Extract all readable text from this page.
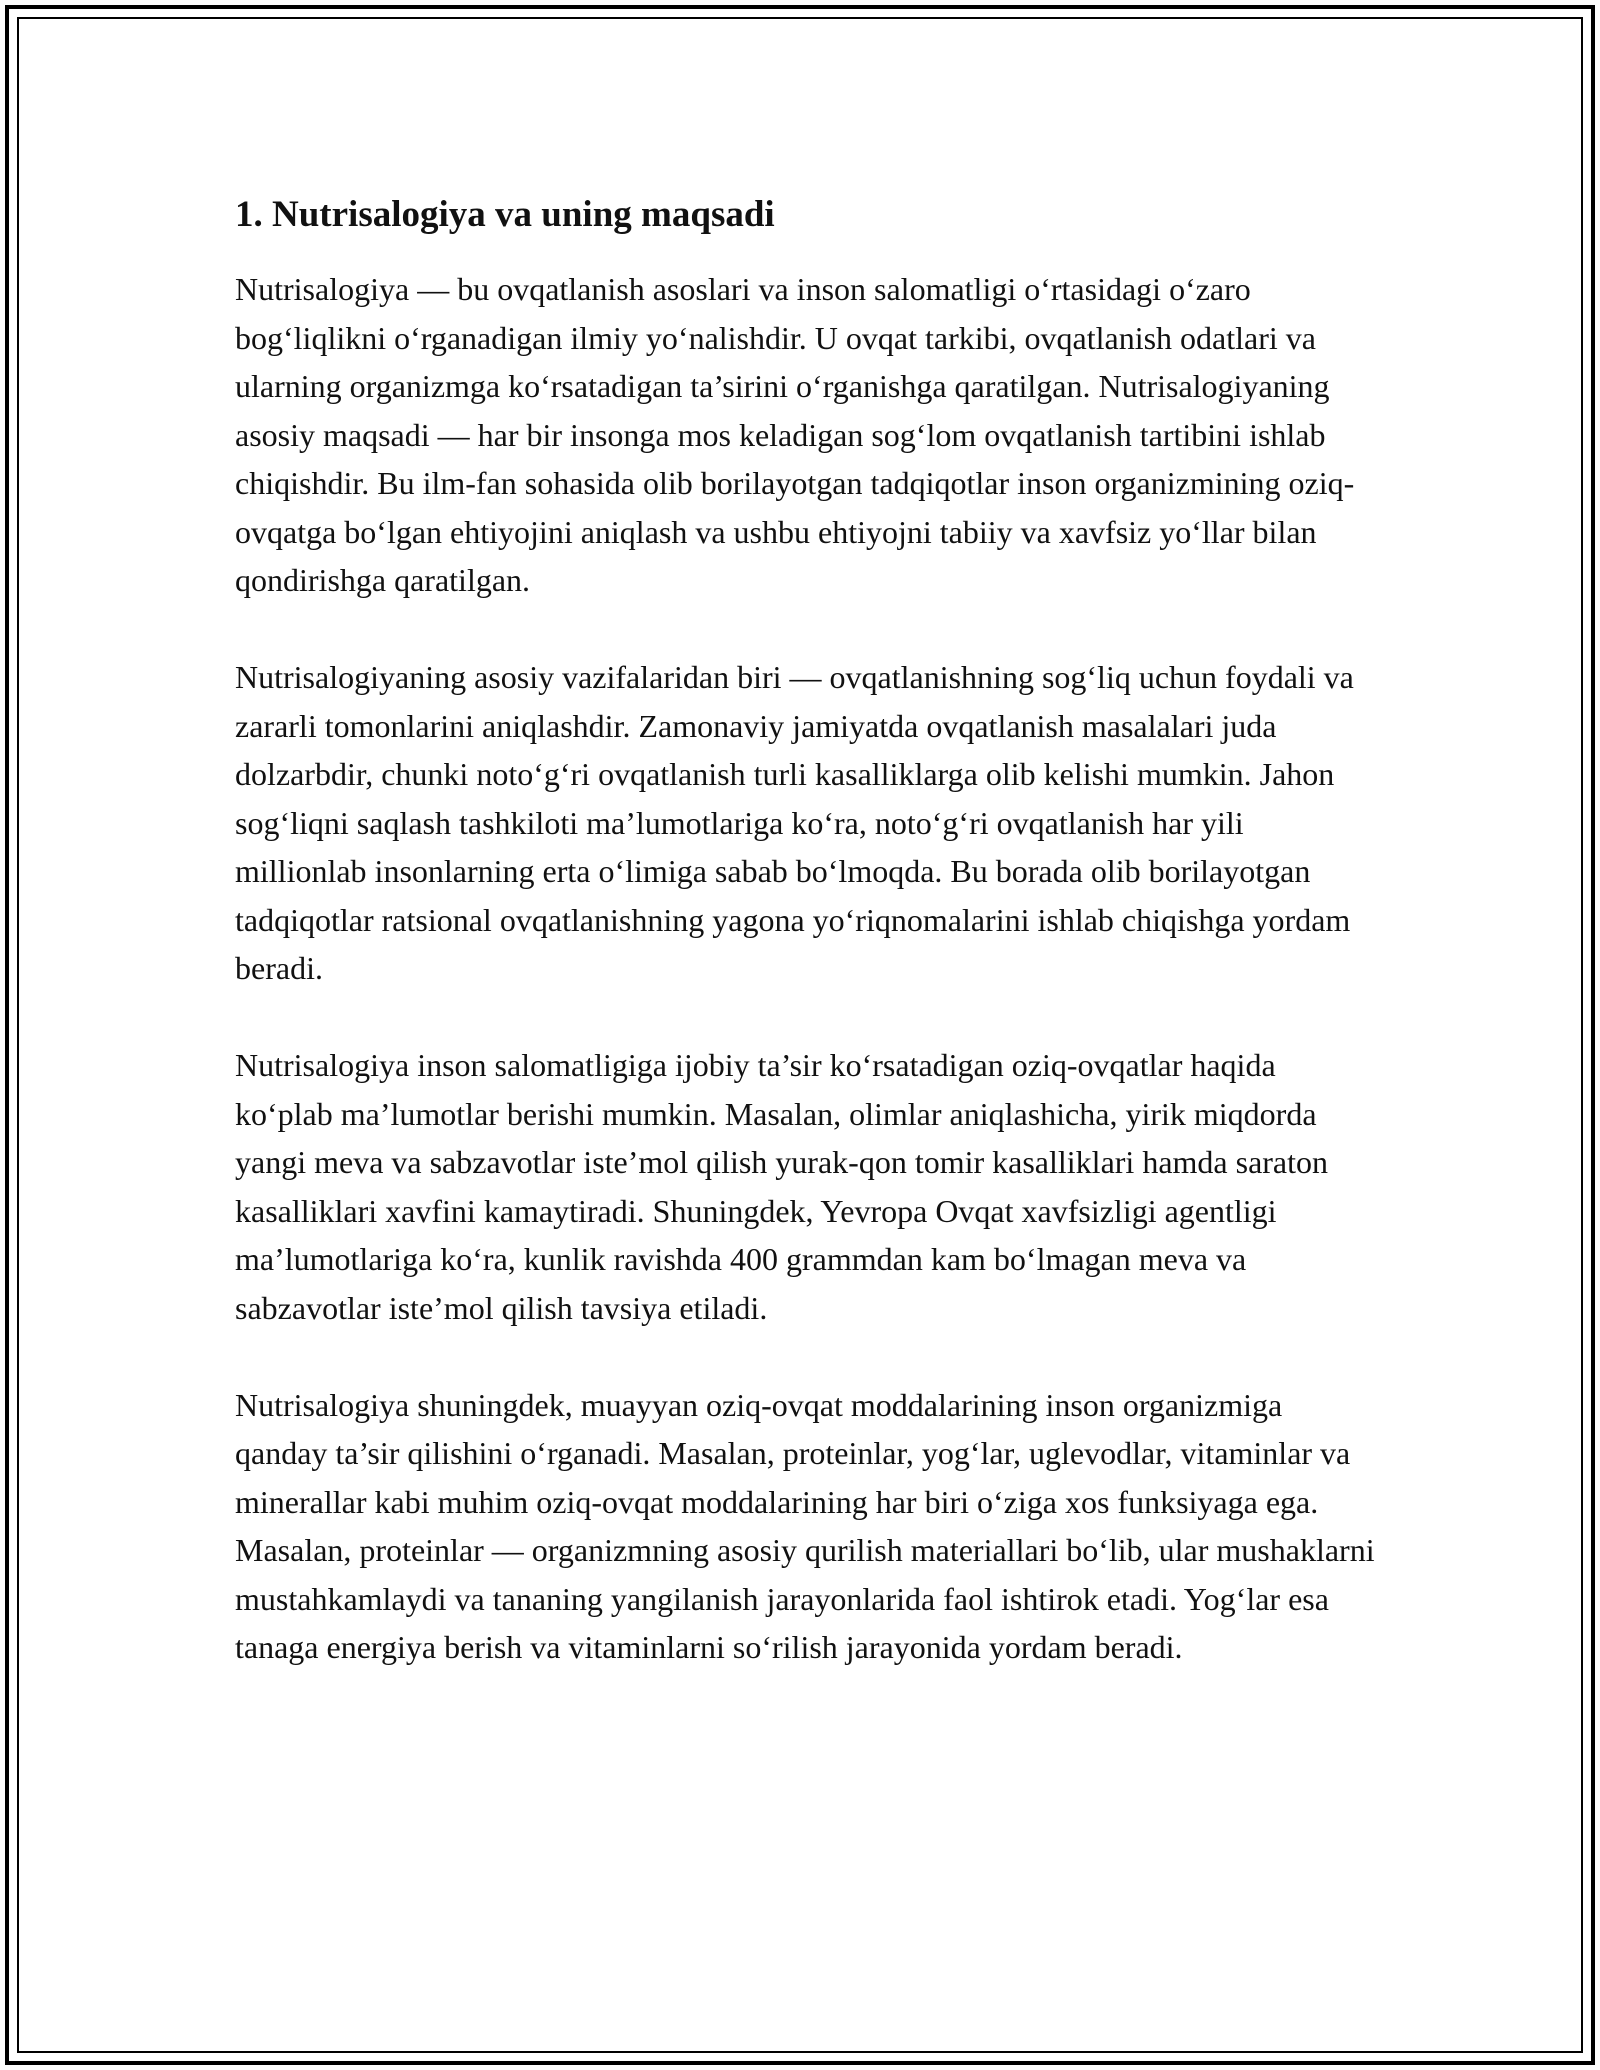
1. Nutrisalogiya va uning maqsadi

Nutrisalogiya — bu ovqatlanish asoslari va inson salomatligi o‘rtasidagi o‘zaro bog‘liqlikni o‘rganadigan ilmiy yo‘nalishdir. U ovqat tarkibi, ovqatlanish odatlari va ularning organizmga ko‘rsatadigan ta’sirini o‘rganishga qaratilgan. Nutrisalogiyaning asosiy maqsadi — har bir insonga mos keladigan sog‘lom ovqatlanish tartibini ishlab chiqishdir. Bu ilm-fan sohasida olib borilayotgan tadqiqotlar inson organizmining oziq-ovqatga bo‘lgan ehtiyojini aniqlash va ushbu ehtiyojni tabiiy va xavfsiz yo‘llar bilan qondirishga qaratilgan.

Nutrisalogiyaning asosiy vazifalaridan biri — ovqatlanishning sog‘liq uchun foydali va zararli tomonlarini aniqlashdir. Zamonaviy jamiyatda ovqatlanish masalalari juda dolzarbdir, chunki noto‘g‘ri ovqatlanish turli kasalliklarga olib kelishi mumkin. Jahon sog‘liqni saqlash tashkiloti ma’lumotlariga ko‘ra, noto‘g‘ri ovqatlanish har yili millionlab insonlarning erta o‘limiga sabab bo‘lmoqda. Bu borada olib borilayotgan tadqiqotlar ratsional ovqatlanishning yagona yo‘riqnomalarini ishlab chiqishga yordam beradi.

Nutrisalogiya inson salomatligiga ijobiy ta’sir ko‘rsatadigan oziq-ovqatlar haqida ko‘plab ma’lumotlar berishi mumkin. Masalan, olimlar aniqlashicha, yirik miqdorda yangi meva va sabzavotlar iste’mol qilish yurak-qon tomir kasalliklari hamda saraton kasalliklari xavfini kamaytiradi. Shuningdek, Yevropa Ovqat xavfsizligi agentligi ma’lumotlariga ko‘ra, kunlik ravishda 400 grammdan kam bo‘lmagan meva va sabzavotlar iste’mol qilish tavsiya etiladi.

Nutrisalogiya shuningdek, muayyan oziq-ovqat moddalarining inson organizmiga qanday ta’sir qilishini o‘rganadi. Masalan, proteinlar, yog‘lar, uglevodlar, vitaminlar va minerallar kabi muhim oziq-ovqat moddalarining har biri o‘ziga xos funksiyaga ega. Masalan, proteinlar — organizmning asosiy qurilish materiallari bo‘lib, ular mushaklarni mustahkamlaydi va tananing yangilanish jarayonlarida faol ishtirok etadi. Yog‘lar esa tanaga energiya berish va vitaminlarni so‘rilish jarayonida yordam beradi.
